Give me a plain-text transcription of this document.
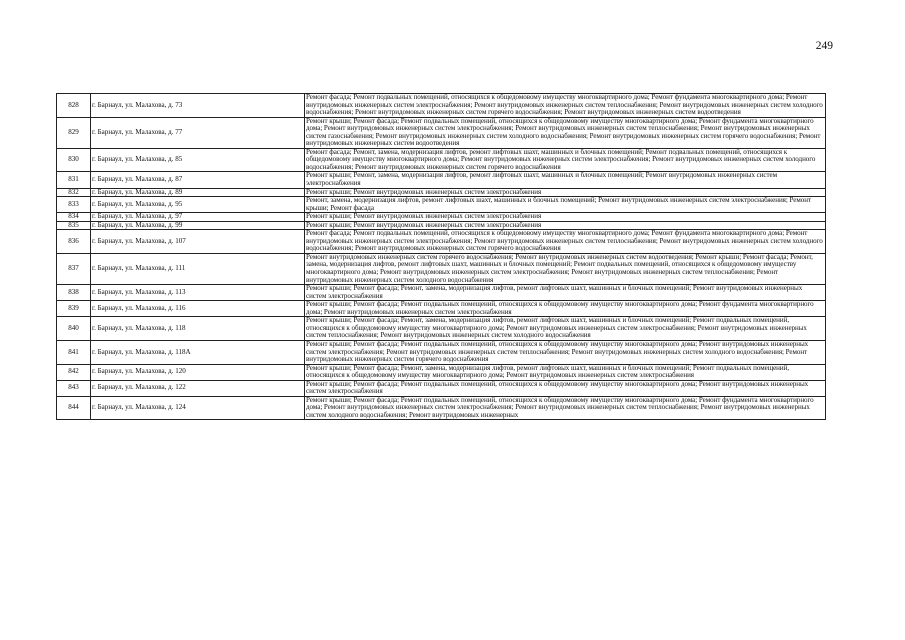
249
828	г. Барнаул, ул. Малахова, д. 73	Ремонт фасада; Ремонт подвальных помещений, относящихся к общедомовому имуществу многоквартирного дома; Ремонт фундамента многоквартирного дома; Ремонт внутридомовых инженерных систем электроснабжения; Ремонт внутридомовых инженерных систем теплоснабжения; Ремонт внутридомовых инженерных систем холодного водоснабжения; Ремонт внутридомовых инженерных систем горячего водоснабжения; Ремонт внутридомовых инженерных систем водоотведения
829	г. Барнаул, ул. Малахова, д. 77	Ремонт крыши; Ремонт фасада; Ремонт подвальных помещений, относящихся к общедомовому имуществу многоквартирного дома; Ремонт фундамента многоквартирного дома; Ремонт внутридомовых инженерных систем электроснабжения; Ремонт внутридомовых инженерных систем теплоснабжения; Ремонт внутридомовых инженерных систем газоснабжения; Ремонт внутридомовых инженерных систем холодного водоснабжения; Ремонт внутридомовых инженерных систем горячего водоснабжения; Ремонт внутридомовых инженерных систем водоотведения
830	г. Барнаул, ул. Малахова, д. 85	Ремонт фасада; Ремонт, замена, модернизация лифтов, ремонт лифтовых шахт, машинных и блочных помещений; Ремонт подвальных помещений, относящихся к общедомовому имуществу многоквартирного дома; Ремонт внутридомовых инженерных систем электроснабжения; Ремонт внутридомовых инженерных систем холодного водоснабжения; Ремонт внутридомовых инженерных систем горячего водоснабжения
831	г. Барнаул, ул. Малахова, д. 87	Ремонт крыши; Ремонт, замена, модернизация лифтов, ремонт лифтовых шахт, машинных и блочных помещений; Ремонт внутридомовых инженерных систем электроснабжения
832	г. Барнаул, ул. Малахова, д. 89	Ремонт крыши; Ремонт внутридомовых инженерных систем электроснабжения
833	г. Барнаул, ул. Малахова, д. 95	Ремонт, замена, модернизация лифтов, ремонт лифтовых шахт, машинных и блочных помещений; Ремонт внутридомовых инженерных систем электроснабжения; Ремонт крыши; Ремонт фасада
834	г. Барнаул, ул. Малахова, д. 97	Ремонт крыши; Ремонт внутридомовых инженерных систем электроснабжения
835	г. Барнаул, ул. Малахова, д. 99	Ремонт крыши; Ремонт внутридомовых инженерных систем электроснабжения
836	г. Барнаул, ул. Малахова, д. 107	Ремонт фасада; Ремонт подвальных помещений, относящихся к общедомовому имуществу многоквартирного дома; Ремонт фундамента многоквартирного дома; Ремонт внутридомовых инженерных систем электроснабжения; Ремонт внутридомовых инженерных систем теплоснабжения; Ремонт внутридомовых инженерных систем холодного водоснабжения; Ремонт внутридомовых инженерных систем горячего водоснабжения
837	г. Барнаул, ул. Малахова, д. 111	Ремонт внутридомовых инженерных систем горячего водоснабжения; Ремонт внутридомовых инженерных систем водоотведения; Ремонт крыши; Ремонт фасада; Ремонт, замена, модернизация лифтов, ремонт лифтовых шахт, машинных и блочных помещений; Ремонт подвальных помещений, относящихся к общедомовому имуществу многоквартирного дома; Ремонт внутридомовых инженерных систем электроснабжения; Ремонт внутридомовых инженерных систем теплоснабжения; Ремонт внутридомовых инженерных систем холодного водоснабжения
838	г. Барнаул, ул. Малахова, д. 113	Ремонт крыши; Ремонт фасада; Ремонт, замена, модернизация лифтов, ремонт лифтовых шахт, машинных и блочных помещений; Ремонт внутридомовых инженерных систем электроснабжения
839	г. Барнаул, ул. Малахова, д. 116	Ремонт крыши; Ремонт фасада; Ремонт подвальных помещений, относящихся к общедомовому имуществу многоквартирного дома; Ремонт фундамента многоквартирного дома; Ремонт внутридомовых инженерных систем электроснабжения
840	г. Барнаул, ул. Малахова, д. 118	Ремонт крыши; Ремонт фасада; Ремонт, замена, модернизация лифтов, ремонт лифтовых шахт, машинных и блочных помещений; Ремонт подвальных помещений, относящихся к общедомовому имуществу многоквартирного дома; Ремонт внутридомовых инженерных систем электроснабжения; Ремонт внутридомовых инженерных систем теплоснабжения; Ремонт внутридомовых инженерных систем холодного водоснабжения
841	г. Барнаул, ул. Малахова, д. 118А	Ремонт крыши; Ремонт фасада; Ремонт подвальных помещений, относящихся к общедомовому имуществу многоквартирного дома; Ремонт внутридомовых инженерных систем электроснабжения; Ремонт внутридомовых инженерных систем теплоснабжения; Ремонт внутридомовых инженерных систем холодного водоснабжения; Ремонт внутридомовых инженерных систем горячего водоснабжения
842	г. Барнаул, ул. Малахова, д. 120	Ремонт крыши; Ремонт фасада; Ремонт, замена, модернизация лифтов, ремонт лифтовых шахт, машинных и блочных помещений; Ремонт подвальных помещений, относящихся к общедомовому имуществу многоквартирного дома; Ремонт внутридомовых инженерных систем электроснабжения
843	г. Барнаул, ул. Малахова, д. 122	Ремонт крыши; Ремонт фасада; Ремонт подвальных помещений, относящихся к общедомовому имуществу многоквартирного дома; Ремонт внутридомовых инженерных систем электроснабжения
844	г. Барнаул, ул. Малахова, д. 124	Ремонт крыши; Ремонт фасада; Ремонт подвальных помещений, относящихся к общедомовому имуществу многоквартирного дома; Ремонт фундамента многоквартирного дома; Ремонт внутридомовых инженерных систем электроснабжения; Ремонт внутридомовых инженерных систем теплоснабжения; Ремонт внутридомовых инженерных систем холодного водоснабжения; Ремонт внутридомовых инженерных
